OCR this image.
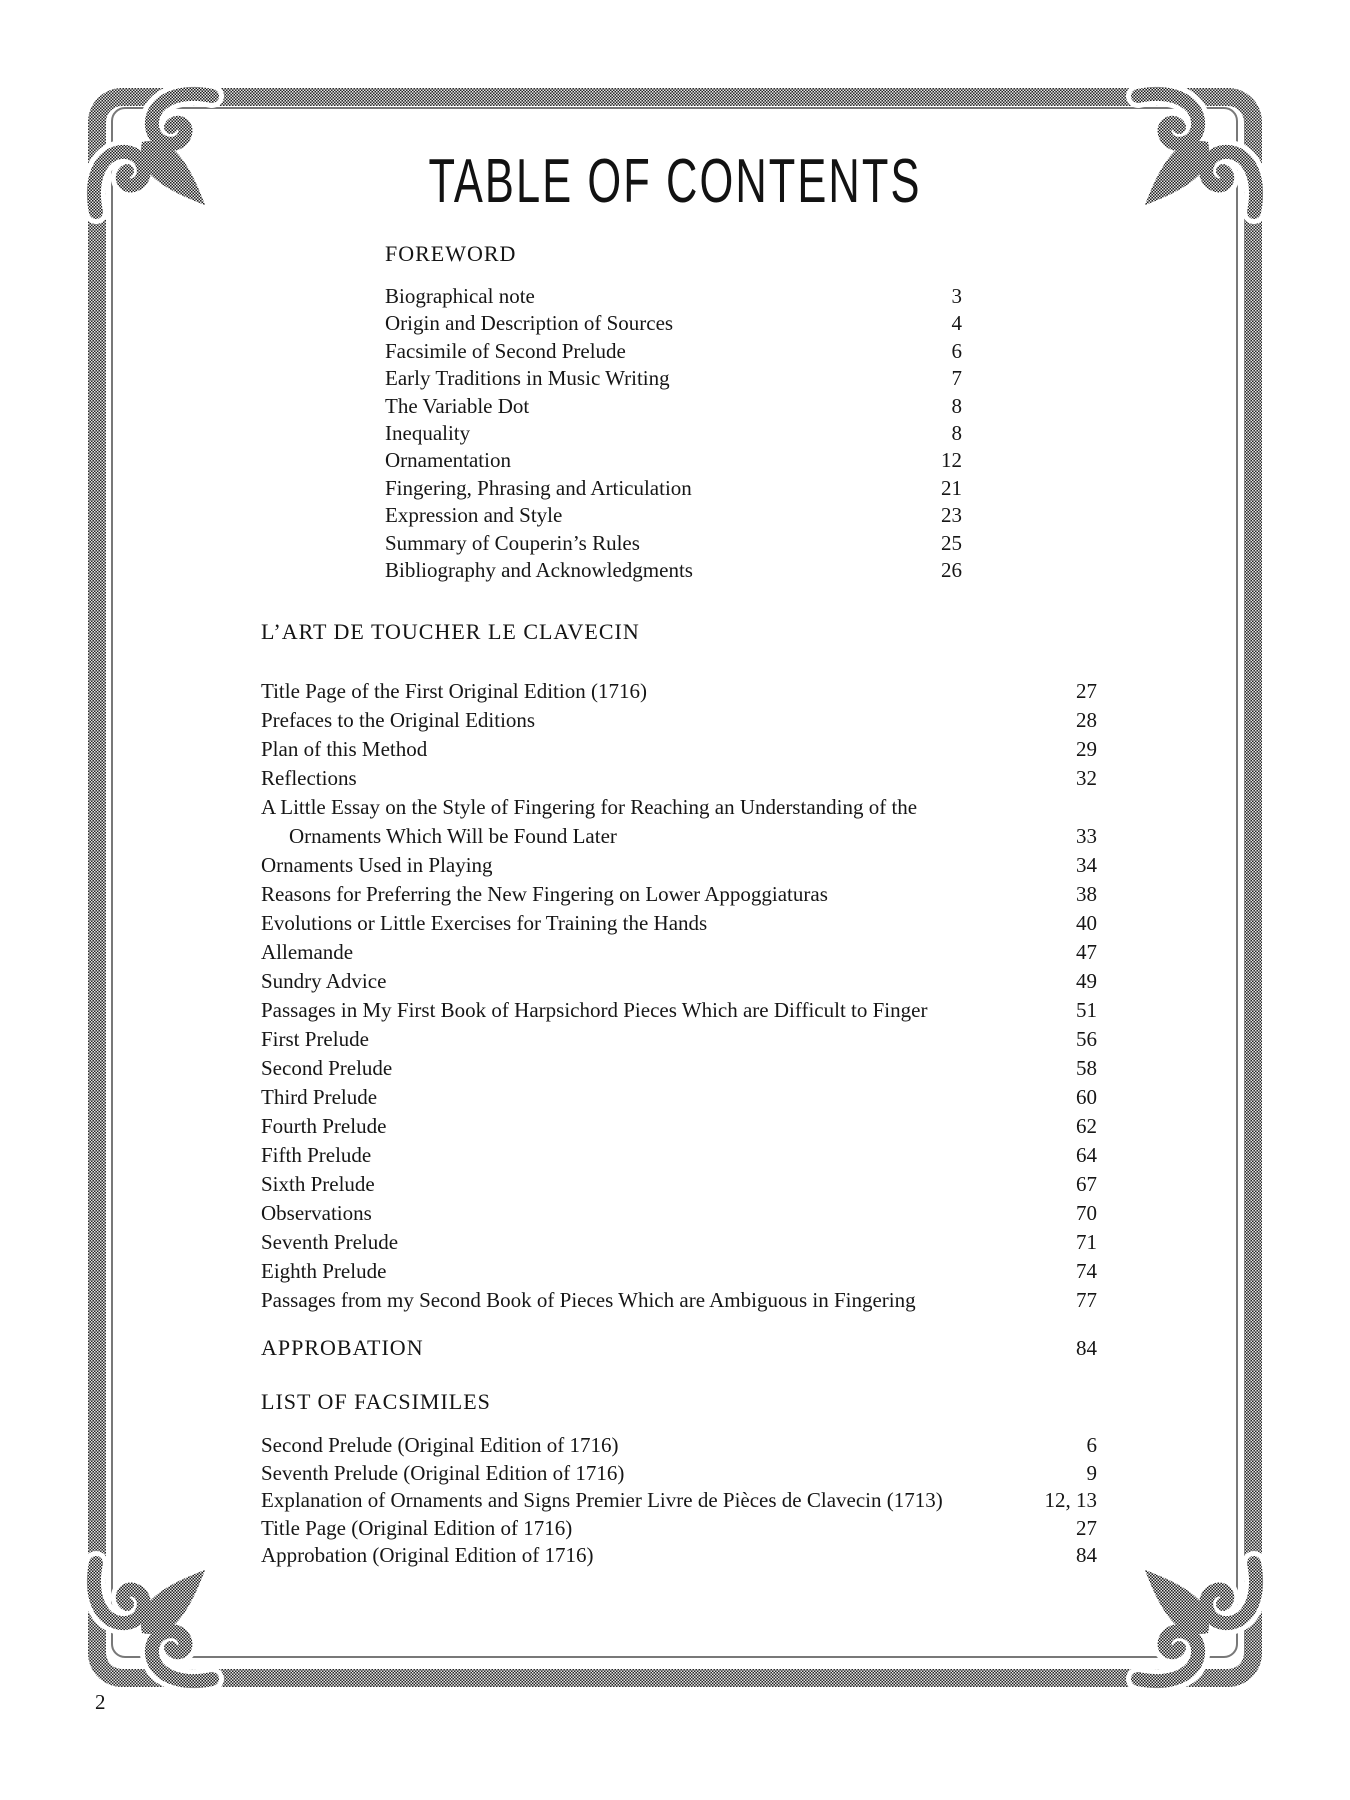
TABLE OF CONTENTS
FOREWORD
Biographical note	3
Origin and Description of Sources	4
Facsimile of Second Prelude	6
Early Traditions in Music Writing	7
The Variable Dot	8
Inequality	8
Ornamentation	12
Fingering, Phrasing and Articulation	21
Expression and Style	23
Summary of Couperin’s Rules	25
Bibliography and Acknowledgments	26
L’ART DE TOUCHER LE CLAVECIN
Title Page of the First Original Edition (1716)	27
Prefaces to the Original Editions	28
Plan of this Method	29
Reflections	32
A Little Essay on the Style of Fingering for Reaching an Understanding of the
Ornaments Which Will be Found Later	33
Ornaments Used in Playing	34
Reasons for Preferring the New Fingering on Lower Appoggiaturas	38
Evolutions or Little Exercises for Training the Hands	40
Allemande	47
Sundry Advice	49
Passages in My First Book of Harpsichord Pieces Which are Difficult to Finger	51
First Prelude	56
Second Prelude	58
Third Prelude	60
Fourth Prelude	62
Fifth Prelude	64
Sixth Prelude	67
Observations	70
Seventh Prelude	71
Eighth Prelude	74
Passages from my Second Book of Pieces Which are Ambiguous in Fingering	77
APPROBATION	84
LIST OF FACSIMILES
Second Prelude (Original Edition of 1716)	6
Seventh Prelude (Original Edition of 1716)	9
Explanation of Ornaments and Signs Premier Livre de Pièces de Clavecin (1713)	12, 13
Title Page (Original Edition of 1716)	27
Approbation (Original Edition of 1716)	84
2
